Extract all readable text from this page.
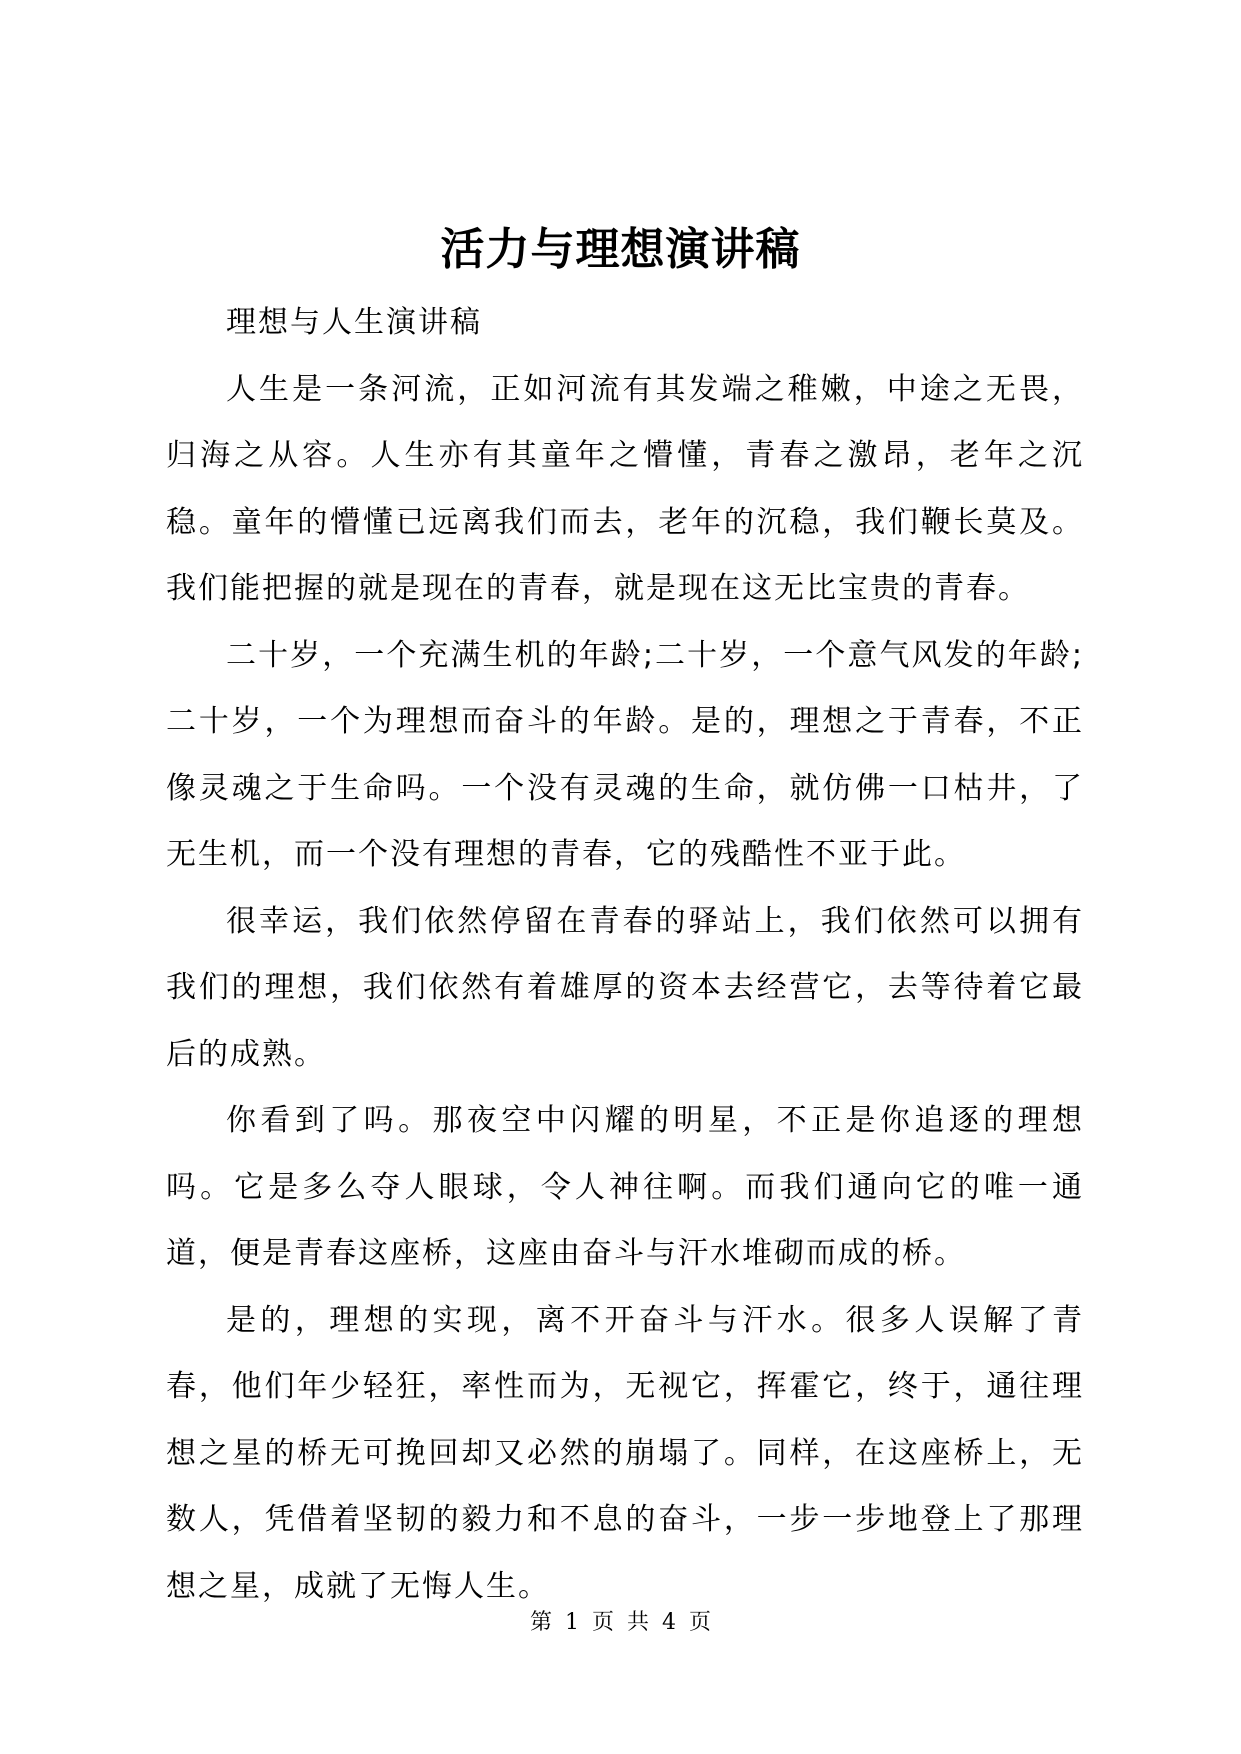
活力与理想演讲稿

理想与人生演讲稿

人生是一条河流，正如河流有其发端之稚嫩，中途之无畏，归海之从容。人生亦有其童年之懵懂，青春之激昂，老年之沉稳。童年的懵懂已远离我们而去，老年的沉稳，我们鞭长莫及。我们能把握的就是现在的青春，就是现在这无比宝贵的青春。

二十岁，一个充满生机的年龄;二十岁，一个意气风发的年龄;二十岁，一个为理想而奋斗的年龄。是的，理想之于青春，不正像灵魂之于生命吗。一个没有灵魂的生命，就仿佛一口枯井，了无生机，而一个没有理想的青春，它的残酷性不亚于此。

很幸运，我们依然停留在青春的驿站上，我们依然可以拥有我们的理想，我们依然有着雄厚的资本去经营它，去等待着它最后的成熟。

你看到了吗。那夜空中闪耀的明星，不正是你追逐的理想吗。它是多么夺人眼球，令人神往啊。而我们通向它的唯一通道，便是青春这座桥，这座由奋斗与汗水堆砌而成的桥。

是的，理想的实现，离不开奋斗与汗水。很多人误解了青春，他们年少轻狂，率性而为，无视它，挥霍它，终于，通往理想之星的桥无可挽回却又必然的崩塌了。同样，在这座桥上，无数人，凭借着坚韧的毅力和不息的奋斗，一步一步地登上了那理想之星，成就了无悔人生。

第 1 页 共 4 页
